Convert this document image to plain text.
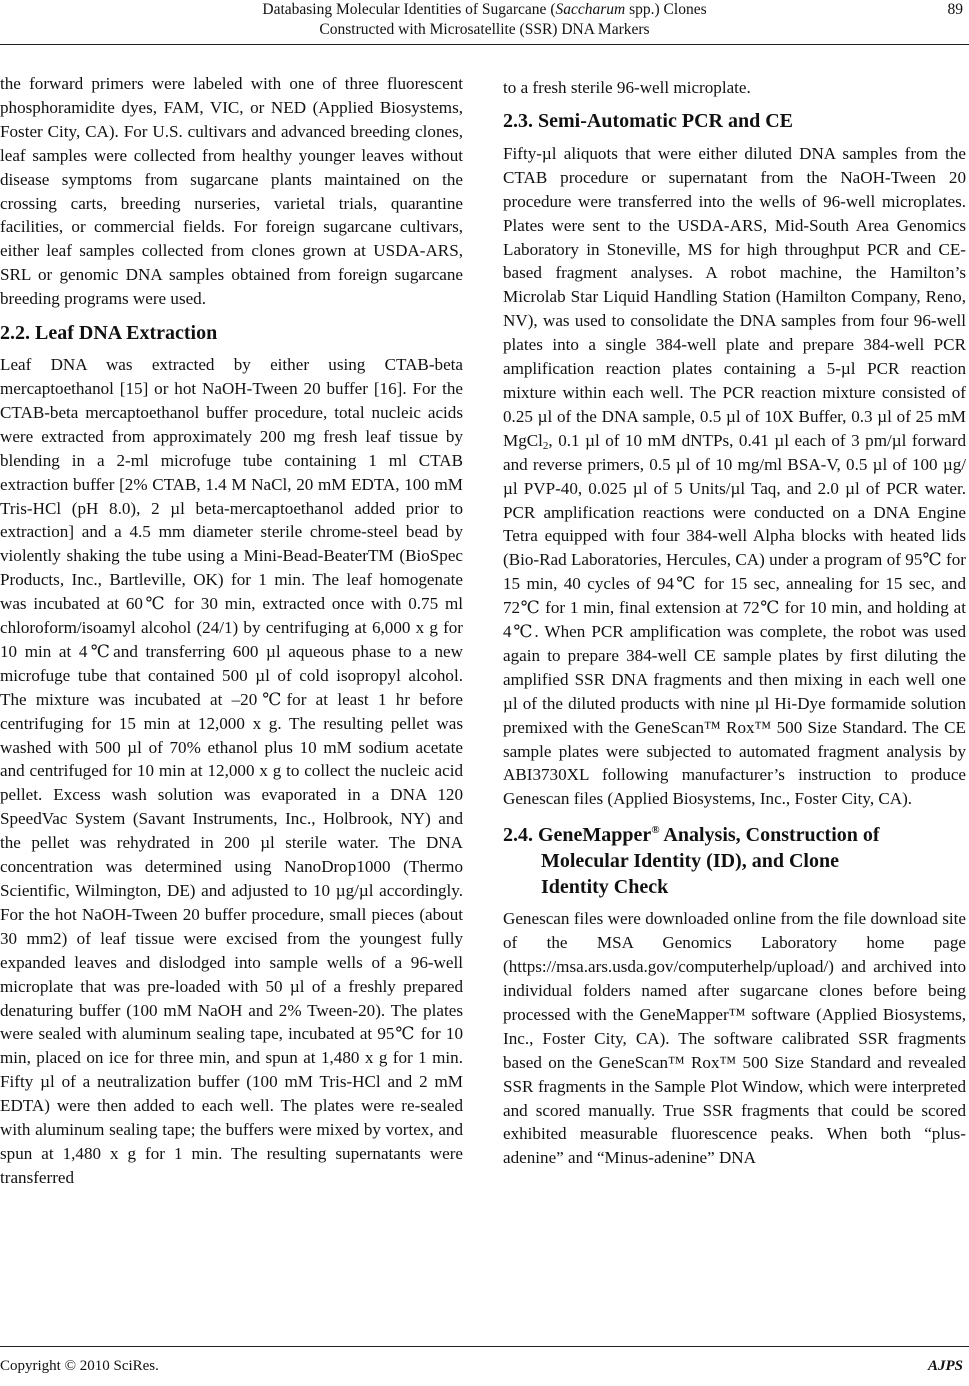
Databasing Molecular Identities of Sugarcane (Saccharum spp.) Clones
Constructed with Microsatellite (SSR) DNA Markers
89

the forward primers were labeled with one of three fluorescent phosphoramidite dyes, FAM, VIC, or NED (Applied Biosystems, Foster City, CA). For U.S. cultivars and advanced breeding clones, leaf samples were collected from healthy younger leaves without disease symptoms from sugarcane plants maintained on the crossing carts, breeding nurseries, varietal trials, quarantine facilities, or commercial fields. For foreign sugarcane cultivars, either leaf samples collected from clones grown at USDA-ARS, SRL or genomic DNA samples obtained from foreign sugarcane breeding programs were used.

2.2. Leaf DNA Extraction

Leaf DNA was extracted by either using CTAB-beta mercaptoethanol [15] or hot NaOH-Tween 20 buffer [16]. For the CTAB-beta mercaptoethanol buffer procedure, total nucleic acids were extracted from approximately 200 mg fresh leaf tissue by blending in a 2-ml microfuge tube containing 1 ml CTAB extraction buffer [2% CTAB, 1.4 M NaCl, 20 mM EDTA, 100 mM Tris-HCl (pH 8.0), 2 µl beta-mercaptoethanol added prior to extraction] and a 4.5 mm diameter sterile chrome-steel bead by violently shaking the tube using a Mini-Bead-BeaterTM (BioSpec Products, Inc., Bartleville, OK) for 1 min. The leaf homogenate was incubated at 60℃ for 30 min, extracted once with 0.75 ml chloroform/isoamyl alcohol (24/1) by centrifuging at 6,000 x g for 10 min at 4℃and transferring 600 µl aqueous phase to a new microfuge tube that contained 500 µl of cold isopropyl alcohol. The mixture was incubated at –20℃for at least 1 hr before centrifuging for 15 min at 12,000 x g. The resulting pellet was washed with 500 µl of 70% ethanol plus 10 mM sodium acetate and centrifuged for 10 min at 12,000 x g to collect the nucleic acid pellet. Excess wash solution was evaporated in a DNA 120 SpeedVac System (Savant Instruments, Inc., Holbrook, NY) and the pellet was rehydrated in 200 µl sterile water. The DNA concentration was determined using NanoDrop1000 (Thermo Scientific, Wilmington, DE) and adjusted to 10 µg/µl accordingly. For the hot NaOH-Tween 20 buffer procedure, small pieces (about 30 mm2) of leaf tissue were excised from the youngest fully expanded leaves and dislodged into sample wells of a 96-well microplate that was pre-loaded with 50 µl of a freshly prepared denaturing buffer (100 mM NaOH and 2% Tween-20). The plates were sealed with aluminum sealing tape, incubated at 95℃ for 10 min, placed on ice for three min, and spun at 1,480 x g for 1 min. Fifty µl of a neutralization buffer (100 mM Tris-HCl and 2 mM EDTA) were then added to each well. The plates were re-sealed with aluminum sealing tape; the buffers were mixed by vortex, and spun at 1,480 x g for 1 min. The resulting supernatants were transferred

to a fresh sterile 96-well microplate.

2.3. Semi-Automatic PCR and CE

Fifty-µl aliquots that were either diluted DNA samples from the CTAB procedure or supernatant from the NaOH-Tween 20 procedure were transferred into the wells of 96-well microplates. Plates were sent to the USDA-ARS, Mid-South Area Genomics Laboratory in Stoneville, MS for high throughput PCR and CE-based fragment analyses. A robot machine, the Hamilton’s Microlab Star Liquid Handling Station (Hamilton Company, Reno, NV), was used to consolidate the DNA samples from four 96-well plates into a single 384-well plate and prepare 384-well PCR amplification reaction plates containing a 5-µl PCR reaction mixture within each well. The PCR reaction mixture consisted of 0.25 µl of the DNA sample, 0.5 µl of 10X Buffer, 0.3 µl of 25 mM MgCl$_2$, 0.1 µl of 10 mM dNTPs, 0.41 µl each of 3 pm/µl forward and reverse primers, 0.5 µl of 10 mg/ml BSA-V, 0.5 µl of 100 µg/µl PVP-40, 0.025 µl of 5 Units/µl Taq, and 2.0 µl of PCR water. PCR amplification reactions were conducted on a DNA Engine Tetra equipped with four 384-well Alpha blocks with heated lids (Bio-Rad Laboratories, Hercules, CA) under a program of 95℃ for 15 min, 40 cycles of 94℃ for 15 sec, annealing for 15 sec, and 72℃ for 1 min, final extension at 72℃ for 10 min, and holding at 4℃. When PCR amplification was complete, the robot was used again to prepare 384-well CE sample plates by first diluting the amplified SSR DNA fragments and then mixing in each well one µl of the diluted products with nine µl Hi-Dye formamide solution premixed with the GeneScan™ Rox™ 500 Size Standard. The CE sample plates were subjected to automated fragment analysis by ABI3730XL following manufacturer’s instruction to produce Genescan files (Applied Biosystems, Inc., Foster City, CA).

2.4. GeneMapper® Analysis, Construction of
Molecular Identity (ID), and Clone
Identity Check

Genescan files were downloaded online from the file download site of the MSA Genomics Laboratory home page (https://msa.ars.usda.gov/computerhelp/upload/) and archived into individual folders named after sugarcane clones before being processed with the GeneMapper™ software (Applied Biosystems, Inc., Foster City, CA). The software calibrated SSR fragments based on the GeneScan™ Rox™ 500 Size Standard and revealed SSR fragments in the Sample Plot Window, which were interpreted and scored manually. True SSR fragments that could be scored exhibited measurable fluorescence peaks. When both “plus-adenine” and “Minus-adenine” DNA

Copyright © 2010 SciRes.	AJPS
